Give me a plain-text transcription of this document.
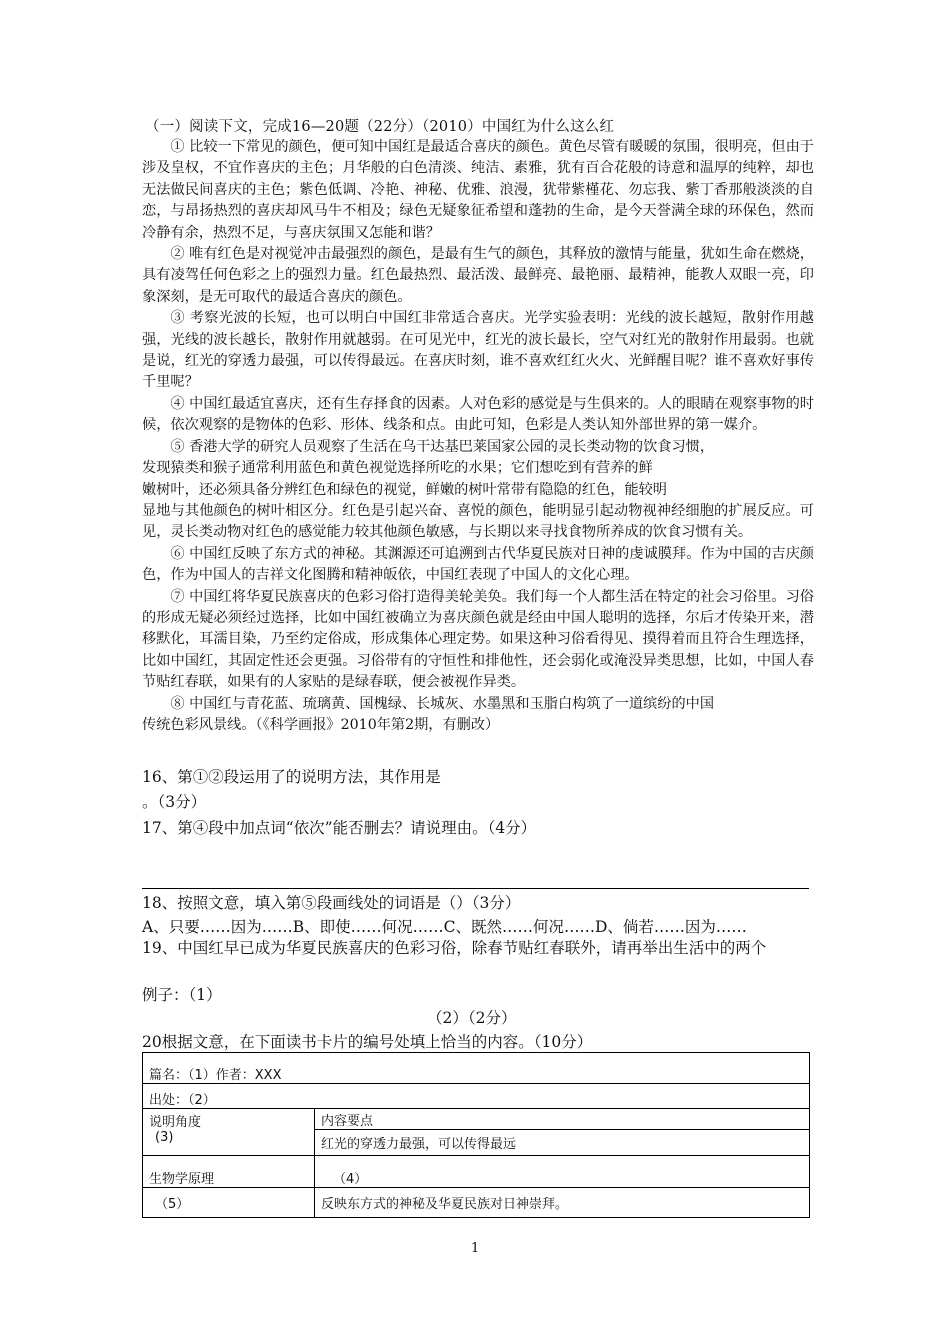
（一）阅读下文，完成16—20题（22分）（2010）中国红为什么这么红

① 比较一下常见的颜色，便可知中国红是最适合喜庆的颜色。黄色尽管有暖暖的氛围，很明亮，但由于涉及皇权，不宜作喜庆的主色；月华般的白色清淡、纯洁、素雅，犹有百合花般的诗意和温厚的纯粹，却也无法做民间喜庆的主色；紫色低调、冷艳、神秘、优雅、浪漫，犹带紫槿花、勿忘我、紫丁香那般淡淡的自恋，与昂扬热烈的喜庆却风马牛不相及；绿色无疑象征希望和蓬勃的生命，是今天誉满全球的环保色，然而冷静有余，热烈不足，与喜庆氛围又怎能和谐？

② 唯有红色是对视觉冲击最强烈的颜色，是最有生气的颜色，其释放的激情与能量，犹如生命在燃烧，具有凌驾任何色彩之上的强烈力量。红色最热烈、最活泼、最鲜亮、最艳丽、最精神，能教人双眼一亮，印象深刻，是无可取代的最适合喜庆的颜色。

③ 考察光波的长短，也可以明白中国红非常适合喜庆。光学实验表明：光线的波长越短，散射作用越强，光线的波长越长，散射作用就越弱。在可见光中，红光的波长最长，空气对红光的散射作用最弱。也就是说，红光的穿透力最强，可以传得最远。在喜庆时刻，谁不喜欢红红火火、光鲜醒目呢？谁不喜欢好事传千里呢？

④ 中国红最适宜喜庆，还有生存择食的因素。人对色彩的感觉是与生俱来的。人的眼睛在观察事物的时候，依次观察的是物体的色彩、形体、线条和点。由此可知，色彩是人类认知外部世界的第一媒介。

⑤ 香港大学的研究人员观察了生活在乌干达基巴莱国家公园的灵长类动物的饮食习惯，

发现猿类和猴子通常利用蓝色和黄色视觉选择所吃的水果；它们想吃到有营养的鲜

嫩树叶，还必须具备分辨红色和绿色的视觉，鲜嫩的树叶常带有隐隐的红色，能较明

显地与其他颜色的树叶相区分。红色是引起兴奋、喜悦的颜色，能明显引起动物视神经细胞的扩展反应。可见，灵长类动物对红色的感觉能力较其他颜色敏感，与长期以来寻找食物所养成的饮食习惯有关。

⑥ 中国红反映了东方式的神秘。其渊源还可追溯到古代华夏民族对日神的虔诚膜拜。作为中国的吉庆颜色，作为中国人的吉祥文化图腾和精神皈依，中国红表现了中国人的文化心理。

⑦ 中国红将华夏民族喜庆的色彩习俗打造得美轮美奂。我们每一个人都生活在特定的社会习俗里。习俗的形成无疑必须经过选择，比如中国红被确立为喜庆颜色就是经由中国人聪明的选择，尔后才传染开来，潜移默化，耳濡目染，乃至约定俗成，形成集体心理定势。如果这种习俗看得见、摸得着而且符合生理选择，比如中国红，其固定性还会更强。习俗带有的守恒性和排他性，还会弱化或淹没异类思想，比如，中国人春节贴红春联，如果有的人家贴的是绿春联，便会被视作异类。

⑧ 中国红与青花蓝、琉璃黄、国槐绿、长城灰、水墨黑和玉脂白构筑了一道缤纷的中国

传统色彩风景线。（《科学画报》2010年第2期，有删改）

16、第①②段运用了的说明方法，其作用是
。（3分）
17、第④段中加点词“依次”能否删去？请说理由。（4分）
18、按照文意，填入第⑤段画线处的词语是（）（3分）
A、只要……因为……B、即使……何况……C、既然……何况……D、倘若……因为……
19、中国红早已成为华夏民族喜庆的色彩习俗，除春节贴红春联外，请再举出生活中的两个
例子：（1）
（2）（2分）
20根据文意，在下面读书卡片的编号处填上恰当的内容。（10分）
篇名：（1）作者：XXX	
出处：（2）	
说明角度	内容要点
(3)	红光的穿透力最强，可以传得最远
生物学原理	（4）
（5）	反映东方式的神秘及华夏民族对日神崇拜。
1
